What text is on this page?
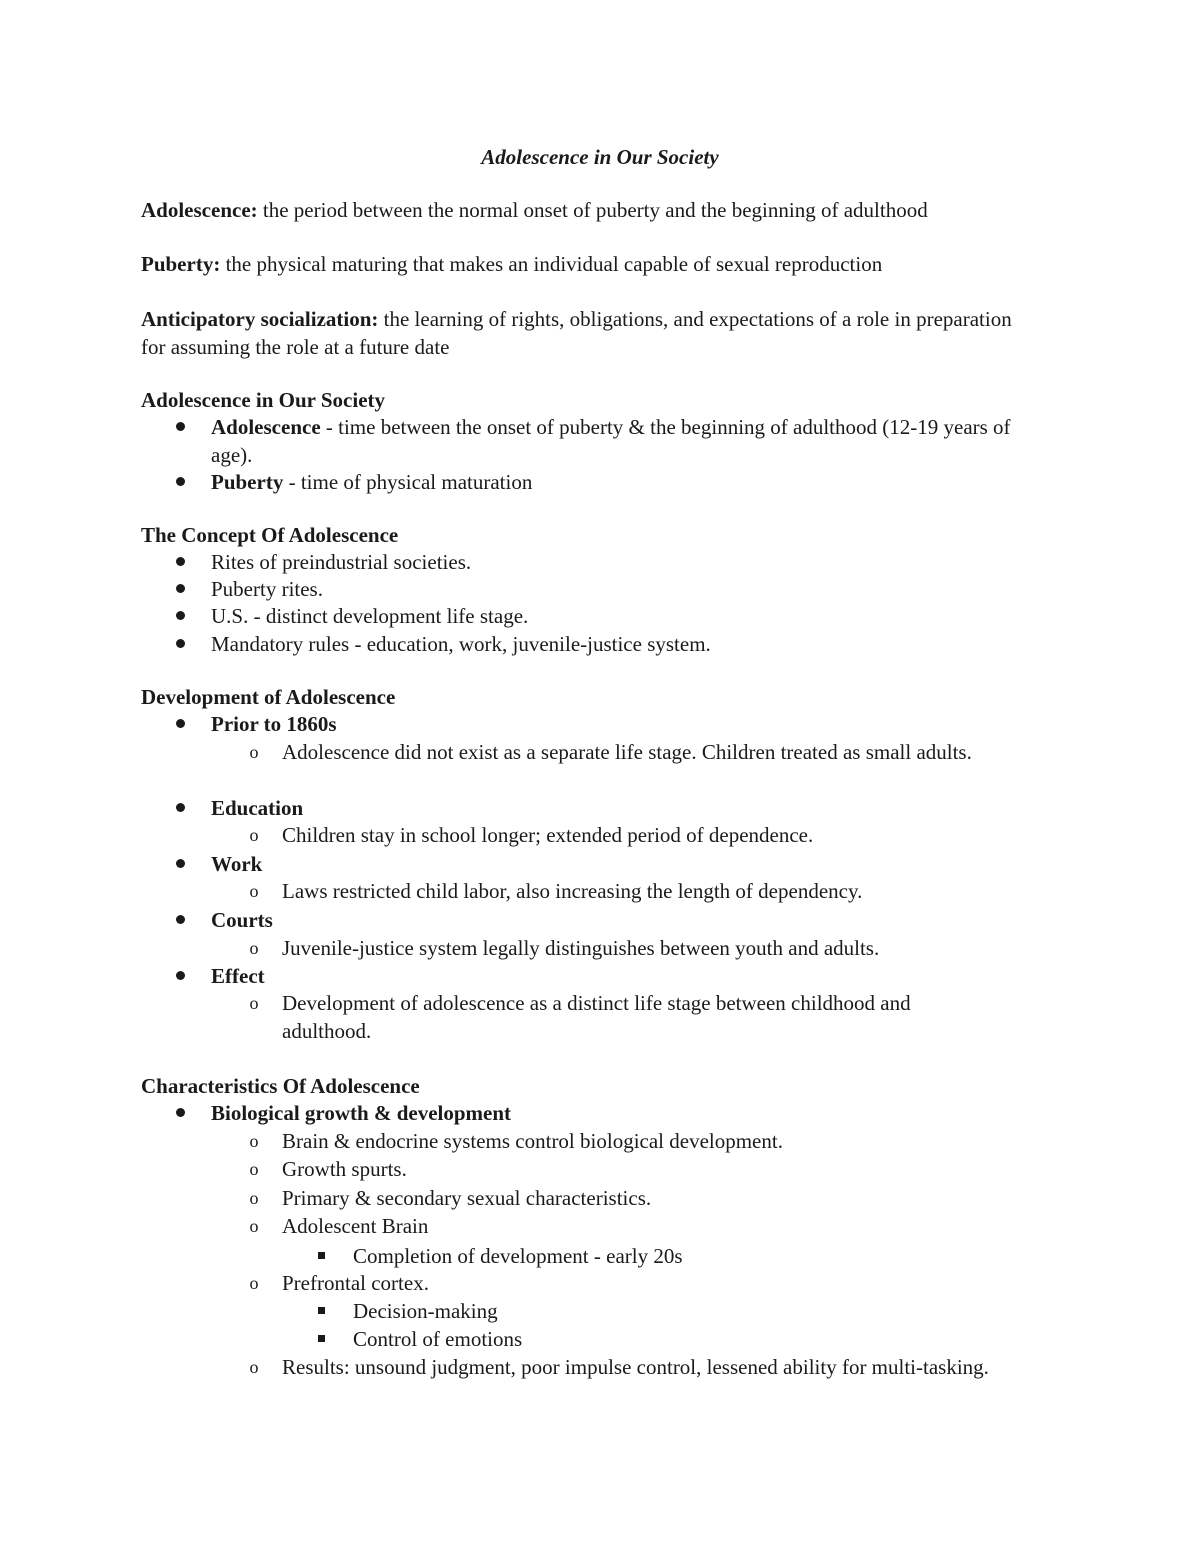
Adolescence in Our Society
Adolescence: the period between the normal onset of puberty and the beginning of adulthood
Puberty: the physical maturing that makes an individual capable of sexual reproduction
Anticipatory socialization: the learning of rights, obligations, and expectations of a role in preparation for assuming the role at a future date
Adolescence in Our Society
Adolescence - time between the onset of puberty & the beginning of adulthood (12-19 years of age).
Puberty - time of physical maturation
The Concept Of Adolescence
Rites of preindustrial societies.
Puberty rites.
U.S. - distinct development life stage.
Mandatory rules - education, work, juvenile-justice system.
Development of Adolescence
Prior to 1860s
o Adolescence did not exist as a separate life stage. Children treated as small adults.
Education
o Children stay in school longer; extended period of dependence.
Work
o Laws restricted child labor, also increasing the length of dependency.
Courts
o Juvenile-justice system legally distinguishes between youth and adults.
Effect
o Development of adolescence as a distinct life stage between childhood and adulthood.
Characteristics Of Adolescence
Biological growth & development
o Brain & endocrine systems control biological development.
o Growth spurts.
o Primary & secondary sexual characteristics.
o Adolescent Brain
Completion of development - early 20s
o Prefrontal cortex.
Decision-making
Control of emotions
o Results: unsound judgment, poor impulse control, lessened ability for multi-tasking.
